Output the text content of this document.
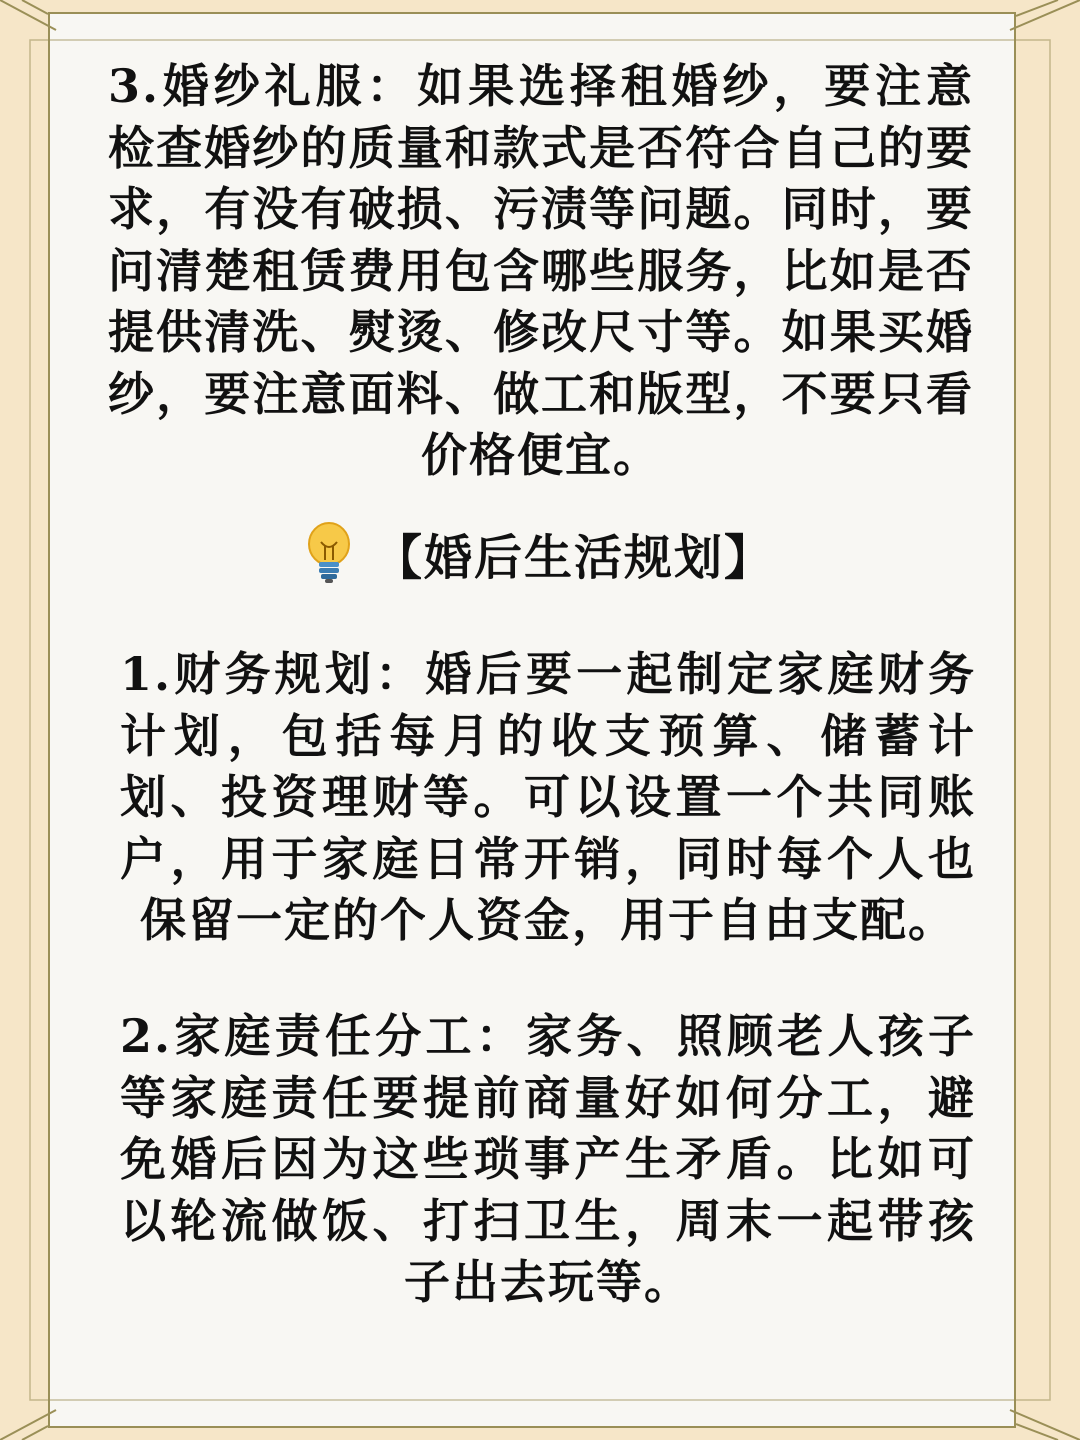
3.婚纱礼服：如果选择租婚纱，要注意检查婚纱的质量和款式是否符合自己的要求，有没有破损、污渍等问题。同时，要问清楚租赁费用包含哪些服务，比如是否提供清洗、熨烫、修改尺寸等。如果买婚纱，要注意面料、做工和版型，不要只看价格便宜。
【婚后生活规划】
1.财务规划：婚后要一起制定家庭财务计划，包括每月的收支预算、储蓄计划、投资理财等。可以设置一个共同账户，用于家庭日常开销，同时每个人也保留一定的个人资金，用于自由支配。
2.家庭责任分工：家务、照顾老人孩子等家庭责任要提前商量好如何分工，避免婚后因为这些琐事产生矛盾。比如可以轮流做饭、打扫卫生，周末一起带孩子出去玩等。
